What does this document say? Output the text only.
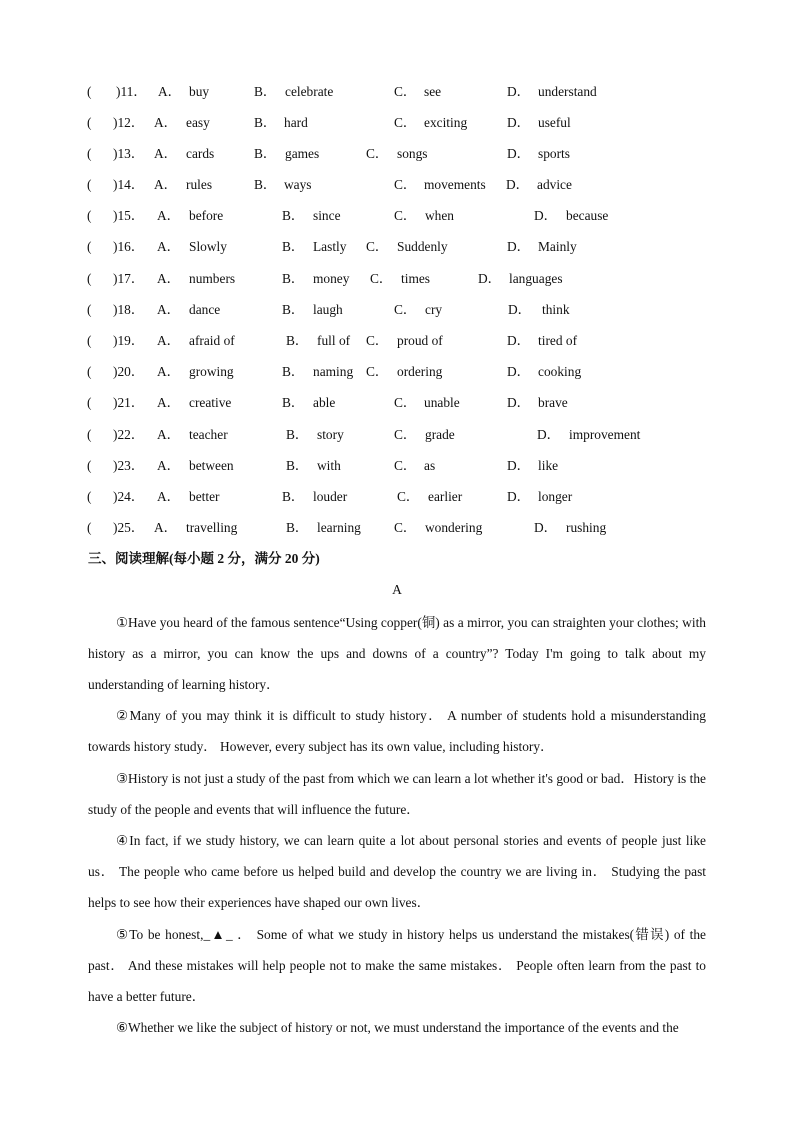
( )11． A． buy	B． celebrate	C． see	D． understand
( )12． A． easy	B． hard	C． exciting	D． useful
( )13． A． cards	B． games	C． songs	D． sports
( )14． A． rules	B． ways	C． movements D． advice
( )15． A． before	B． since	C． when	D． because
( )16． A． Slowly	B． Lastly C． Suddenly	D． Mainly
( )17． A． numbers	B． money C． times	D． languages
( )18． A． dance	B． laugh	C． cry	D． think
( )19． A． afraid of	B． full of C． proud of	D． tired of
( )20． A． growing	B． naming C． ordering	D． cooking
( )21． A． creative	B． able	C． unable	D． brave
( )22． A． teacher	B． story	C． grade	D． improvement
( )23． A． between	B． with	C． as	D． like
( )24． A． better	B． louder	C． earlier	D． longer
( )25． A． travelling	B． learning C． wondering	D． rushing
三、阅读理解(每小题 2 分，满分 20 分)
A

①Have you heard of the famous sentence“Using copper(铜) as a mirror, you can straighten your clothes; with history as a mirror, you can know the ups and downs of a country”? Today I'm going to talk about my understanding of learning history．

②Many of you may think it is difficult to study history． A number of students hold a misunderstanding towards history study． However, every subject has its own value, including history．

③History is not just a study of the past from which we can learn a lot whether it's good or bad．History is the study of the people and events that will influence the future．

④In fact, if we study history, we can learn quite a lot about personal stories and events of people just like us． The people who came before us helped build and develop the country we are living in． Studying the past helps to see how their experiences have shaped our own lives．

⑤To be honest,_▲_ ． Some of what we study in history helps us understand the mistakes(错误) of the past． And these mistakes will help people not to make the same mistakes． People often learn from the past to have a better future．

⑥Whether we like the subject of history or not, we must understand the importance of the events and the
